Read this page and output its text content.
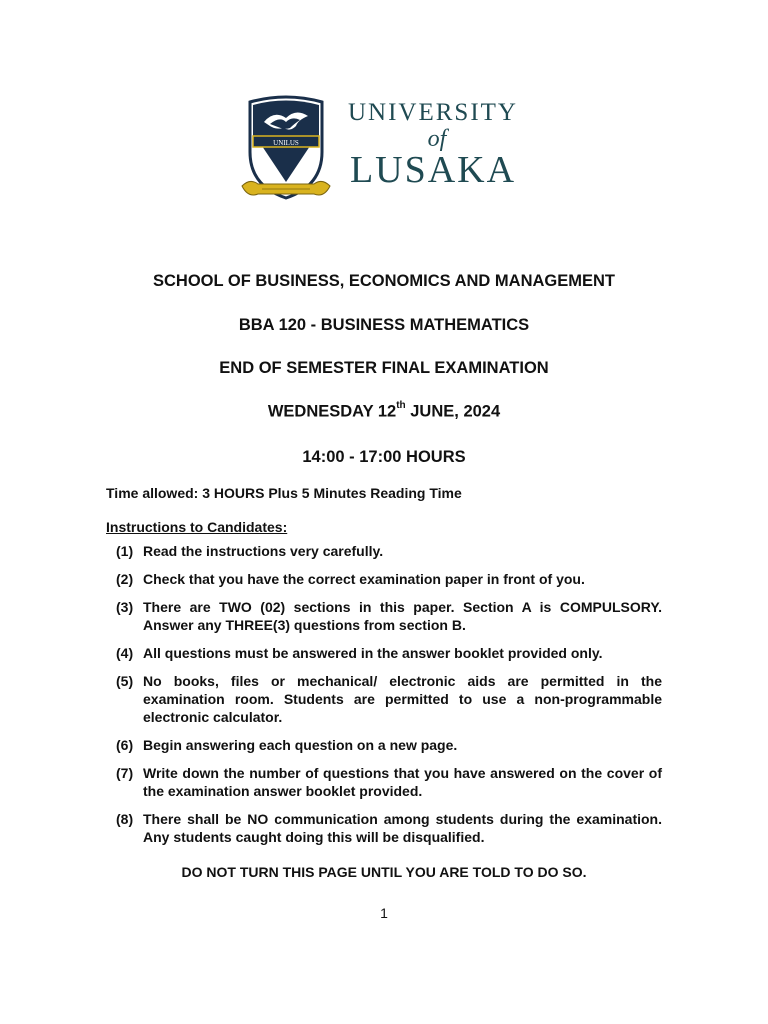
UNILUS
UNIVERSITY
of
LUSAKA
SCHOOL OF BUSINESS, ECONOMICS AND MANAGEMENT
BBA 120 - BUSINESS MATHEMATICS
END OF SEMESTER FINAL EXAMINATION
WEDNESDAY 12th JUNE, 2024
14:00 - 17:00 HOURS
Time allowed: 3 HOURS Plus 5 Minutes Reading Time
Instructions to Candidates:
(1) Read the instructions very carefully.
(2) Check that you have the correct examination paper in front of you.
(3) There are TWO (02) sections in this paper. Section A is COMPULSORY. Answer any THREE(3) questions from section B.
(4) All questions must be answered in the answer booklet provided only.
(5) No books, files or mechanical/ electronic aids are permitted in the examination room. Students are permitted to use a non-programmable electronic calculator.
(6) Begin answering each question on a new page.
(7) Write down the number of questions that you have answered on the cover of the examination answer booklet provided.
(8) There shall be NO communication among students during the examination. Any students caught doing this will be disqualified.
DO NOT TURN THIS PAGE UNTIL YOU ARE TOLD TO DO SO.
1
